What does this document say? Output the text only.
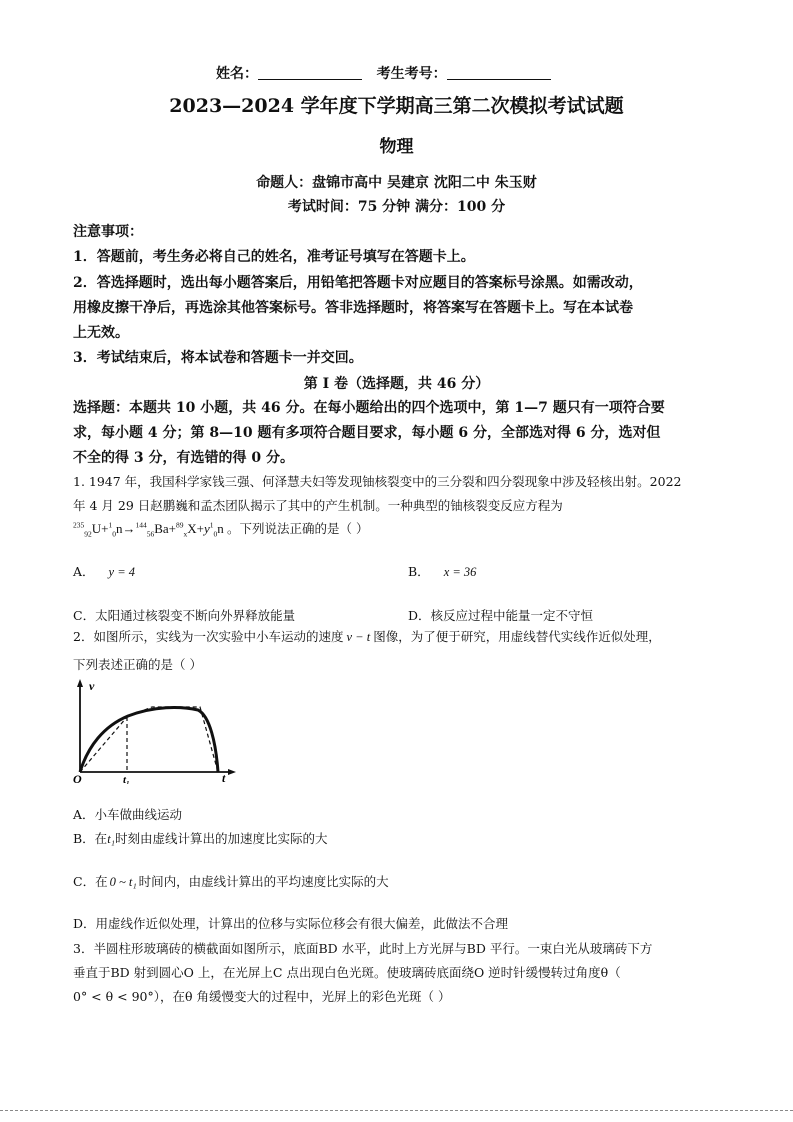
姓名：	考生考号：
2023—2024 学年度下学期高三第二次模拟考试试题
物理
命题人：盘锦市高中 吴建京 沈阳二中 朱玉财
考试时间：75 分钟 满分：100 分
注意事项：
1．答题前，考生务必将自己的姓名，准考证号填写在答题卡上。
2．答选择题时，选出每小题答案后，用铅笔把答题卡对应题目的答案标号涂黑。如需改动，
用橡皮擦干净后，再选涂其他答案标号。答非选择题时，将答案写在答题卡上。写在本试卷
上无效。
3．考试结束后，将本试卷和答题卡一并交回。
第 I 卷（选择题，共 46 分）
选择题：本题共 10 小题，共 46 分。在每小题给出的四个选项中，第 1—7 题只有一项符合要
求，每小题 4 分；第 8—10 题有多项符合题目要求，每小题 6 分，全部选对得 6 分，选对但
不全的得 3 分，有选错的得 0 分。
1. 1947 年，我国科学家钱三强、何泽慧夫妇等发现铀核裂变中的三分裂和四分裂现象中涉及轻核出射。2022
年 4 月 29 日赵鹏巍和孟杰团队揭示了其中的产生机制。一种典型的铀核裂变反应方程为
$^{235}_{92}U+^1_0n\to^{144}_{56}Ba+^{89}_xX+y^1_0n$ 。下列说法正确的是（ ）
A． y = 4	B． x = 36
C．太阳通过核裂变不断向外界释放能量	D．核反应过程中能量一定不守恒
2．如图所示，实线为一次实验中小车运动的速度 v − t 图像，为了便于研究，用虚线替代实线作近似处理，
下列表述正确的是（ ）
v
t
O	t₁
A．小车做曲线运动
B．在t₁时刻由虚线计算出的加速度比实际的大
C．在 0 ~ t₁ 时间内，由虚线计算出的平均速度比实际的大
D．用虚线作近似处理，计算出的位移与实际位移会有很大偏差，此做法不合理
3．半圆柱形玻璃砖的横截面如图所示，底面BD 水平，此时上方光屏与BD 平行。一束白光从玻璃砖下方
垂直于BD 射到圆心O 上，在光屏上C 点出现白色光斑。使玻璃砖底面绕O 逆时针缓慢转过角度θ（
0° < θ < 90°），在θ 角缓慢变大的过程中，光屏上的彩色光斑（ ）
